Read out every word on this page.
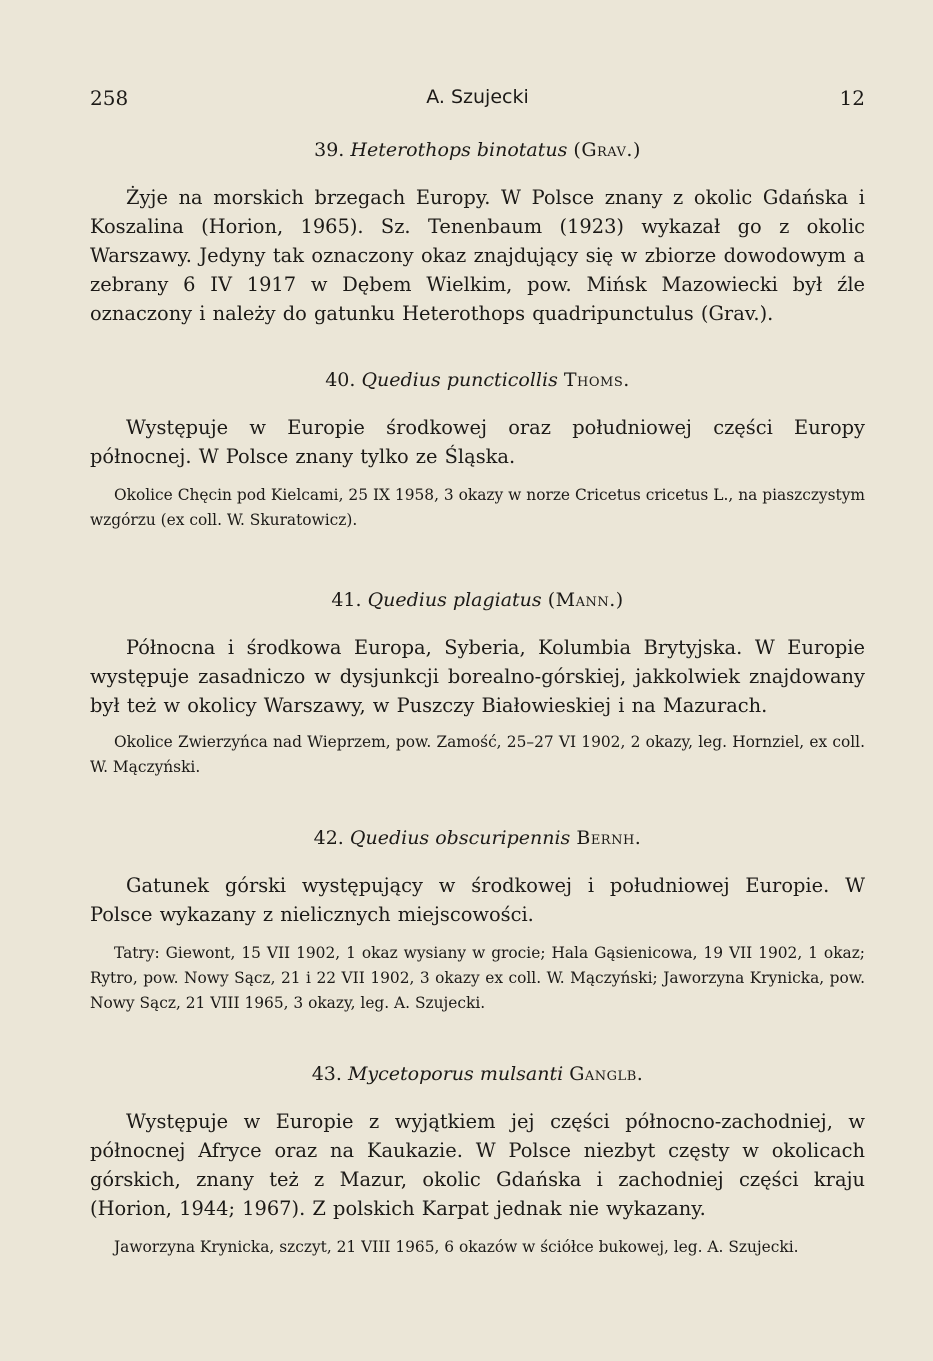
258	A. Szujecki	12
39. Heterothops binotatus (Grav.)

Żyje na morskich brzegach Europy. W Polsce znany z okolic Gdańska i Koszalina (Horion, 1965). Sz. Tenenbaum (1923) wykazał go z okolic Warszawy. Jedyny tak oznaczony okaz znajdujący się w zbiorze dowodowym a zebrany 6 IV 1917 w Dębem Wielkim, pow. Mińsk Mazowiecki był źle oznaczony i należy do gatunku Heterothops quadripunctulus (Grav.).

40. Quedius puncticollis Thoms.

Występuje w Europie środkowej oraz południowej części Europy północnej. W Polsce znany tylko ze Śląska.

Okolice Chęcin pod Kielcami, 25 IX 1958, 3 okazy w norze Cricetus cricetus L., na piaszczystym wzgórzu (ex coll. W. Skuratowicz).

41. Quedius plagiatus (Mann.)

Północna i środkowa Europa, Syberia, Kolumbia Brytyjska. W Europie występuje zasadniczo w dysjunkcji borealno-górskiej, jakkolwiek znajdowany był też w okolicy Warszawy, w Puszczy Białowieskiej i na Mazurach.

Okolice Zwierzyńca nad Wieprzem, pow. Zamość, 25–27 VI 1902, 2 okazy, leg. Hornziel, ex coll. W. Mączyński.

42. Quedius obscuripennis Bernh.

Gatunek górski występujący w środkowej i południowej Europie. W Polsce wykazany z nielicznych miejscowości.

Tatry: Giewont, 15 VII 1902, 1 okaz wysiany w grocie; Hala Gąsienicowa, 19 VII 1902, 1 okaz; Rytro, pow. Nowy Sącz, 21 i 22 VII 1902, 3 okazy ex coll. W. Mączyński; Jaworzyna Krynicka, pow. Nowy Sącz, 21 VIII 1965, 3 okazy, leg. A. Szujecki.

43. Mycetoporus mulsanti Ganglb.

Występuje w Europie z wyjątkiem jej części północno-zachodniej, w północnej Afryce oraz na Kaukazie. W Polsce niezbyt częsty w okolicach górskich, znany też z Mazur, okolic Gdańska i zachodniej części kraju (Horion, 1944; 1967). Z polskich Karpat jednak nie wykazany.

Jaworzyna Krynicka, szczyt, 21 VIII 1965, 6 okazów w ściółce bukowej, leg. A. Szujecki.
